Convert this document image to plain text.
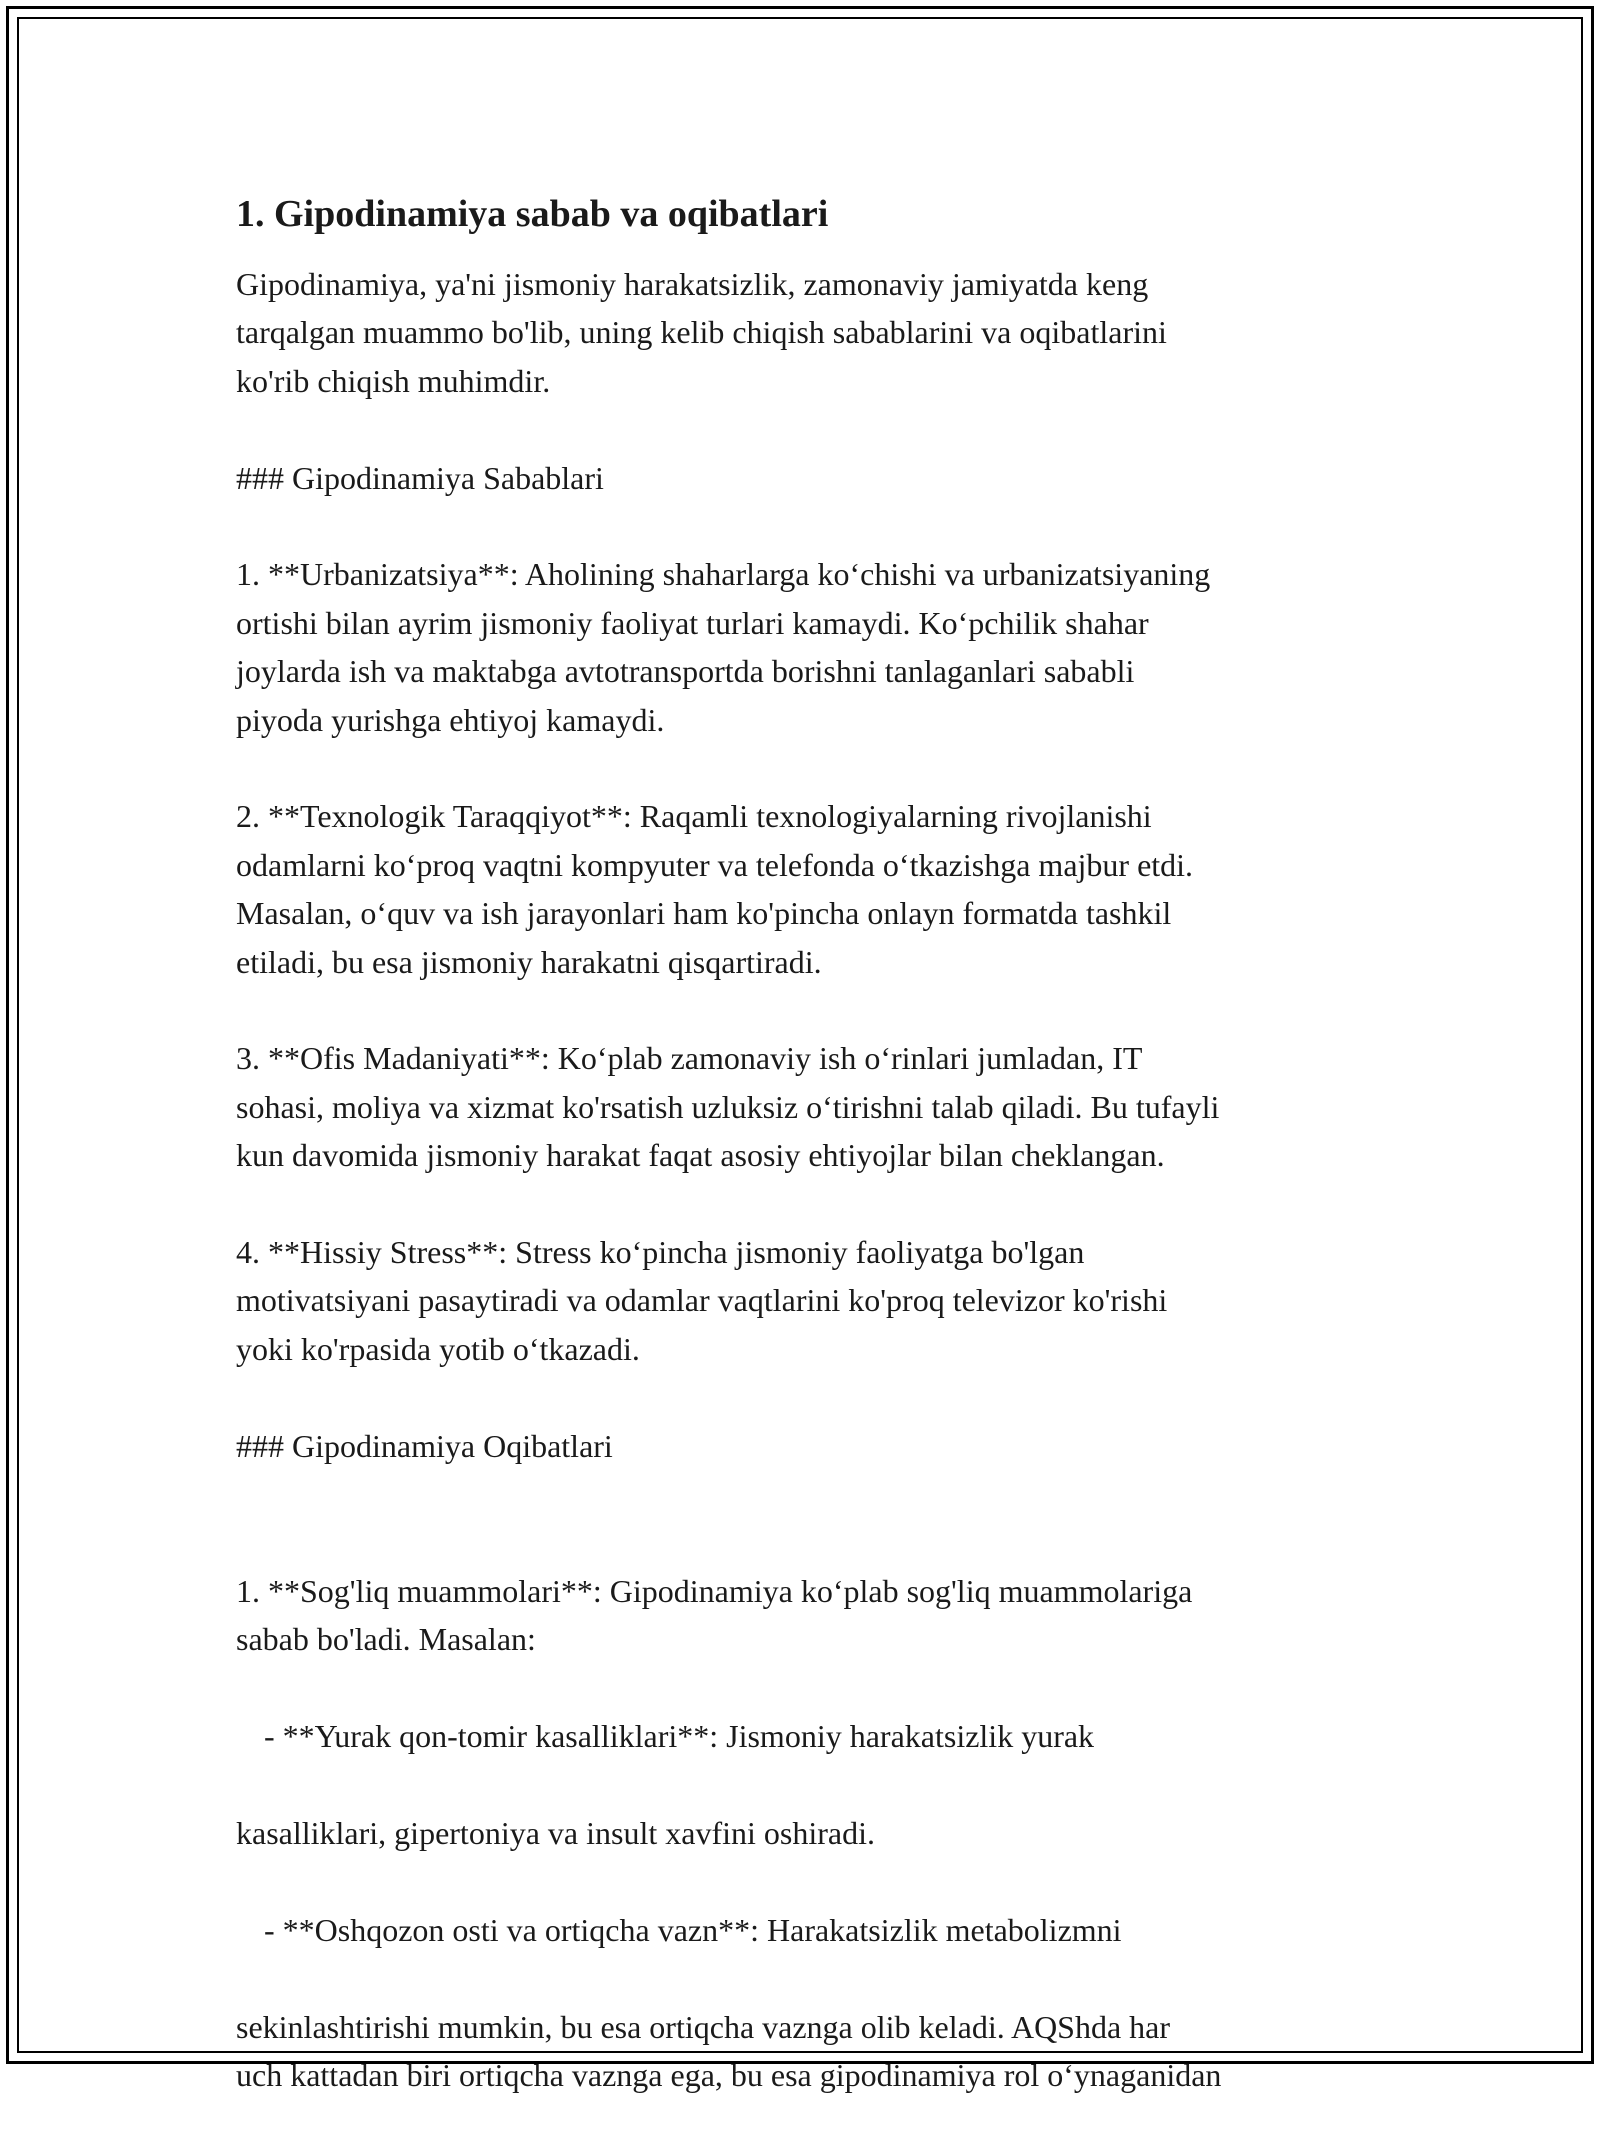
1. Gipodinamiya sabab va oqibatlari

Gipodinamiya, ya'ni jismoniy harakatsizlik, zamonaviy jamiyatda keng
tarqalgan muammo bo'lib, uning kelib chiqish sabablarini va oqibatlarini
ko'rib chiqish muhimdir.

### Gipodinamiya Sabablari

1. **Urbanizatsiya**: Aholining shaharlarga ko‘chishi va urbanizatsiyaning
ortishi bilan ayrim jismoniy faoliyat turlari kamaydi. Ko‘pchilik shahar
joylarda ish va maktabga avtotransportda borishni tanlaganlari sababli
piyoda yurishga ehtiyoj kamaydi.

2. **Texnologik Taraqqiyot**: Raqamli texnologiyalarning rivojlanishi
odamlarni ko‘proq vaqtni kompyuter va telefonda o‘tkazishga majbur etdi.
Masalan, o‘quv va ish jarayonlari ham ko'pincha onlayn formatda tashkil
etiladi, bu esa jismoniy harakatni qisqartiradi.

3. **Ofis Madaniyati**: Ko‘plab zamonaviy ish o‘rinlari jumladan, IT
sohasi, moliya va xizmat ko'rsatish uzluksiz o‘tirishni talab qiladi. Bu tufayli
kun davomida jismoniy harakat faqat asosiy ehtiyojlar bilan cheklangan.

4. **Hissiy Stress**: Stress ko‘pincha jismoniy faoliyatga bo'lgan
motivatsiyani pasaytiradi va odamlar vaqtlarini ko'proq televizor ko'rishi
yoki ko'rpasida yotib o‘tkazadi.

### Gipodinamiya Oqibatlari

1. **Sog'liq muammolari**: Gipodinamiya ko‘plab sog'liq muammolariga
sabab bo'ladi. Masalan:

- **Yurak qon-tomir kasalliklari**: Jismoniy harakatsizlik yurak

kasalliklari, gipertoniya va insult xavfini oshiradi.

- **Oshqozon osti va ortiqcha vazn**: Harakatsizlik metabolizmni

sekinlashtirishi mumkin, bu esa ortiqcha vaznga olib keladi. AQShda har
uch kattadan biri ortiqcha vaznga ega, bu esa gipodinamiya rol o‘ynaganidan
